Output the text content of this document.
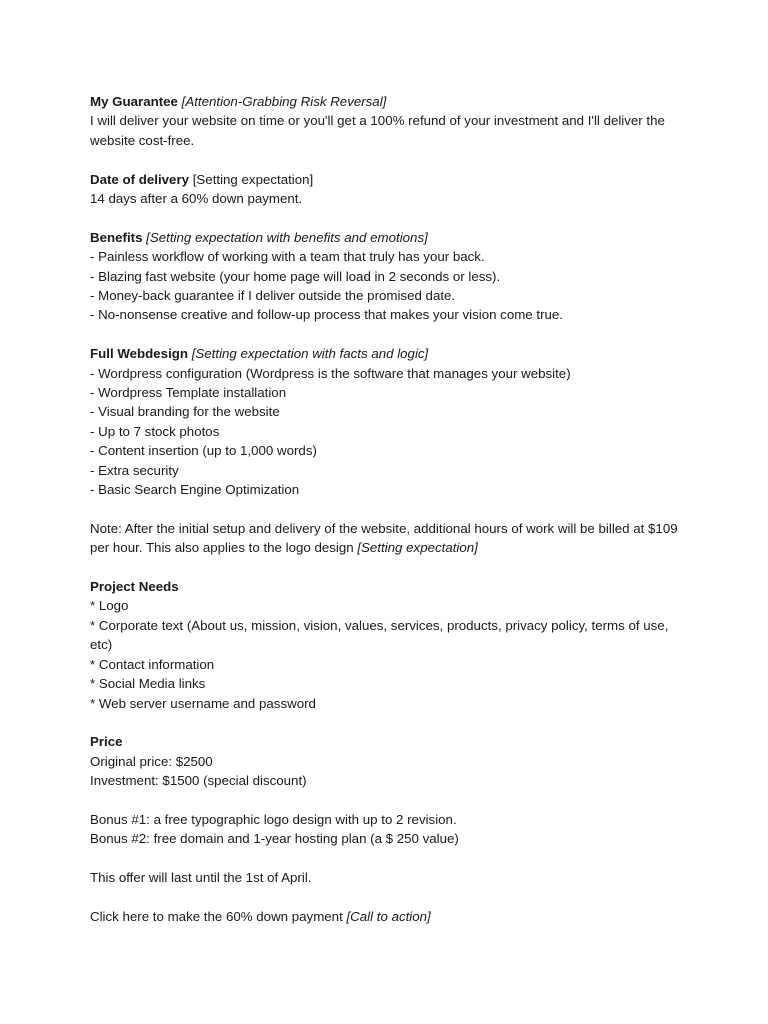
My Guarantee [Attention-Grabbing Risk Reversal]

I will deliver your website on time or you'll get a 100% refund of your investment and I'll deliver the website cost-free.

Date of delivery [Setting expectation]

14 days after a 60% down payment.

Benefits [Setting expectation with benefits and emotions]

- Painless workflow of working with a team that truly has your back.

- Blazing fast website (your home page will load in 2 seconds or less).

- Money-back guarantee if I deliver outside the promised date.

- No-nonsense creative and follow-up process that makes your vision come true.

Full Webdesign [Setting expectation with facts and logic]

- Wordpress configuration (Wordpress is the software that manages your website)

- Wordpress Template installation

- Visual branding for the website

- Up to 7 stock photos

- Content insertion (up to 1,000 words)

- Extra security

- Basic Search Engine Optimization

Note: After the initial setup and delivery of the website, additional hours of work will be billed at $109 per hour. This also applies to the logo design [Setting expectation]

Project Needs

* Logo

* Corporate text (About us, mission, vision, values, services, products, privacy policy, terms of use, etc)

* Contact information

* Social Media links

* Web server username and password

Price

Original price: $2500

Investment: $1500 (special discount)

Bonus #1: a free typographic logo design with up to 2 revision.

Bonus #2: free domain and 1-year hosting plan (a $ 250 value)

This offer will last until the 1st of April.

Click here to make the 60% down payment [Call to action]
